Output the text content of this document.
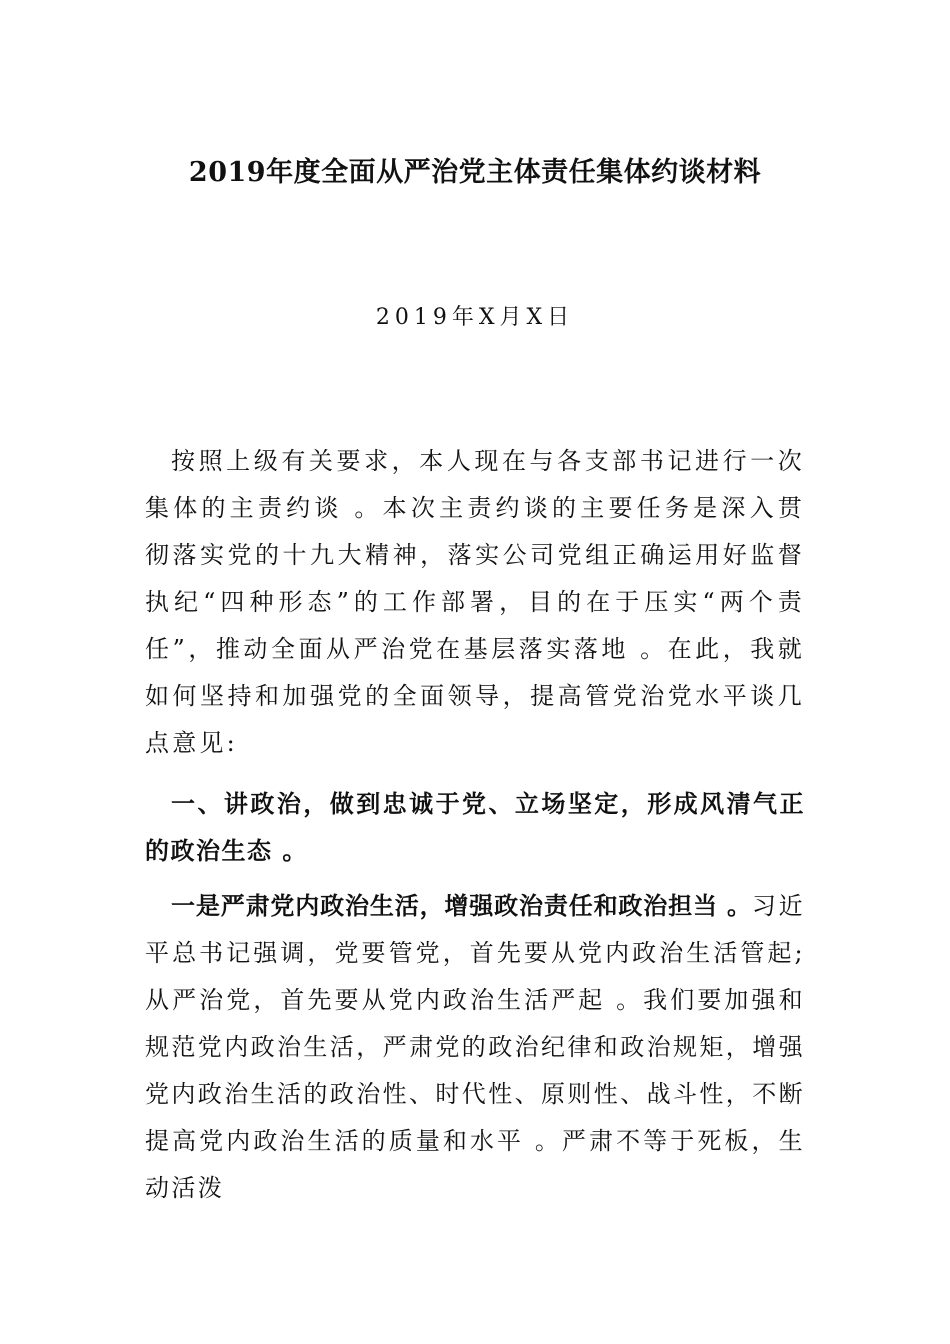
2019年度全面从严治党主体责任集体约谈材料

2019年X月X日

按照上级有关要求，本人现在与各支部书记进行一次集体的主责约谈 。本次主责约谈的主要任务是深入贯彻落实党的十九大精神，落实公司党组正确运用好监督执纪“四种形态”的工作部署，目的在于压实“两个责任”，推动全面从严治党在基层落实落地 。在此，我就如何坚持和加强党的全面领导，提高管党治党水平谈几点意见:

一、讲政治，做到忠诚于党、立场坚定，形成风清气正的政治生态 。

一是严肃党内政治生活，增强政治责任和政治担当 。习近平总书记强调，党要管党，首先要从党内政治生活管起;从严治党，首先要从党内政治生活严起 。我们要加强和规范党内政治生活，严肃党的政治纪律和政治规矩，增强党内政治生活的政治性、时代性、原则性、战斗性，不断提高党内政治生活的质量和水平 。严肃不等于死板，生动活泼
